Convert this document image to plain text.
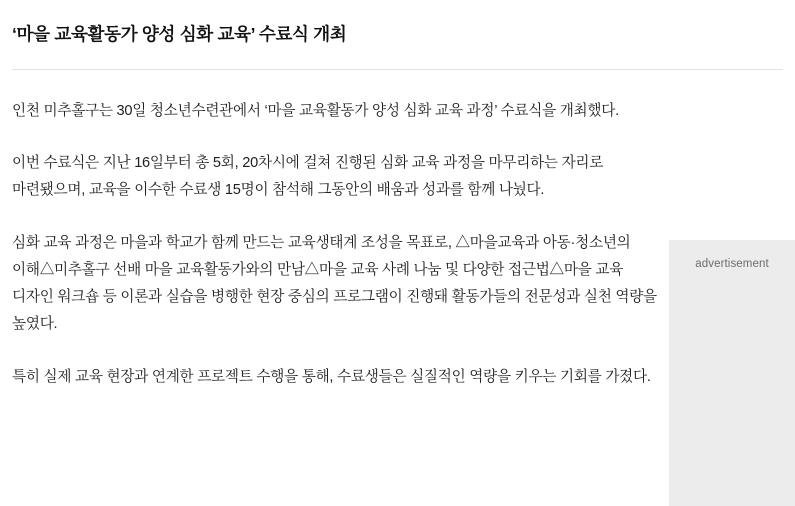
‘마을 교육활동가 양성 심화 교육’ 수료식 개최

인천 미추홀구는 30일 청소년수련관에서 ‘마을 교육활동가 양성 심화 교육 과정’ 수료식을 개최했다.

이번 수료식은 지난 16일부터 총 5회, 20차시에 걸쳐 진행된 심화 교육 과정을 마무리하는 자리로 마련됐으며, 교육을 이수한 수료생 15명이 참석해 그동안의 배움과 성과를 함께 나눴다.

심화 교육 과정은 마을과 학교가 함께 만드는 교육생태계 조성을 목표로, △마을교육과 아동·청소년의 이해△미추홀구 선배 마을 교육활동가와의 만남△마을 교육 사례 나눔 및 다양한 접근법△마을 교육 디자인 워크숍 등 이론과 실습을 병행한 현장 중심의 프로그램이 진행돼 활동가들의 전문성과 실천 역량을 높였다.

특히 실제 교육 현장과 연계한 프로젝트 수행을 통해, 수료생들은 실질적인 역량을 키우는 기회를 가졌다.

advertisement
